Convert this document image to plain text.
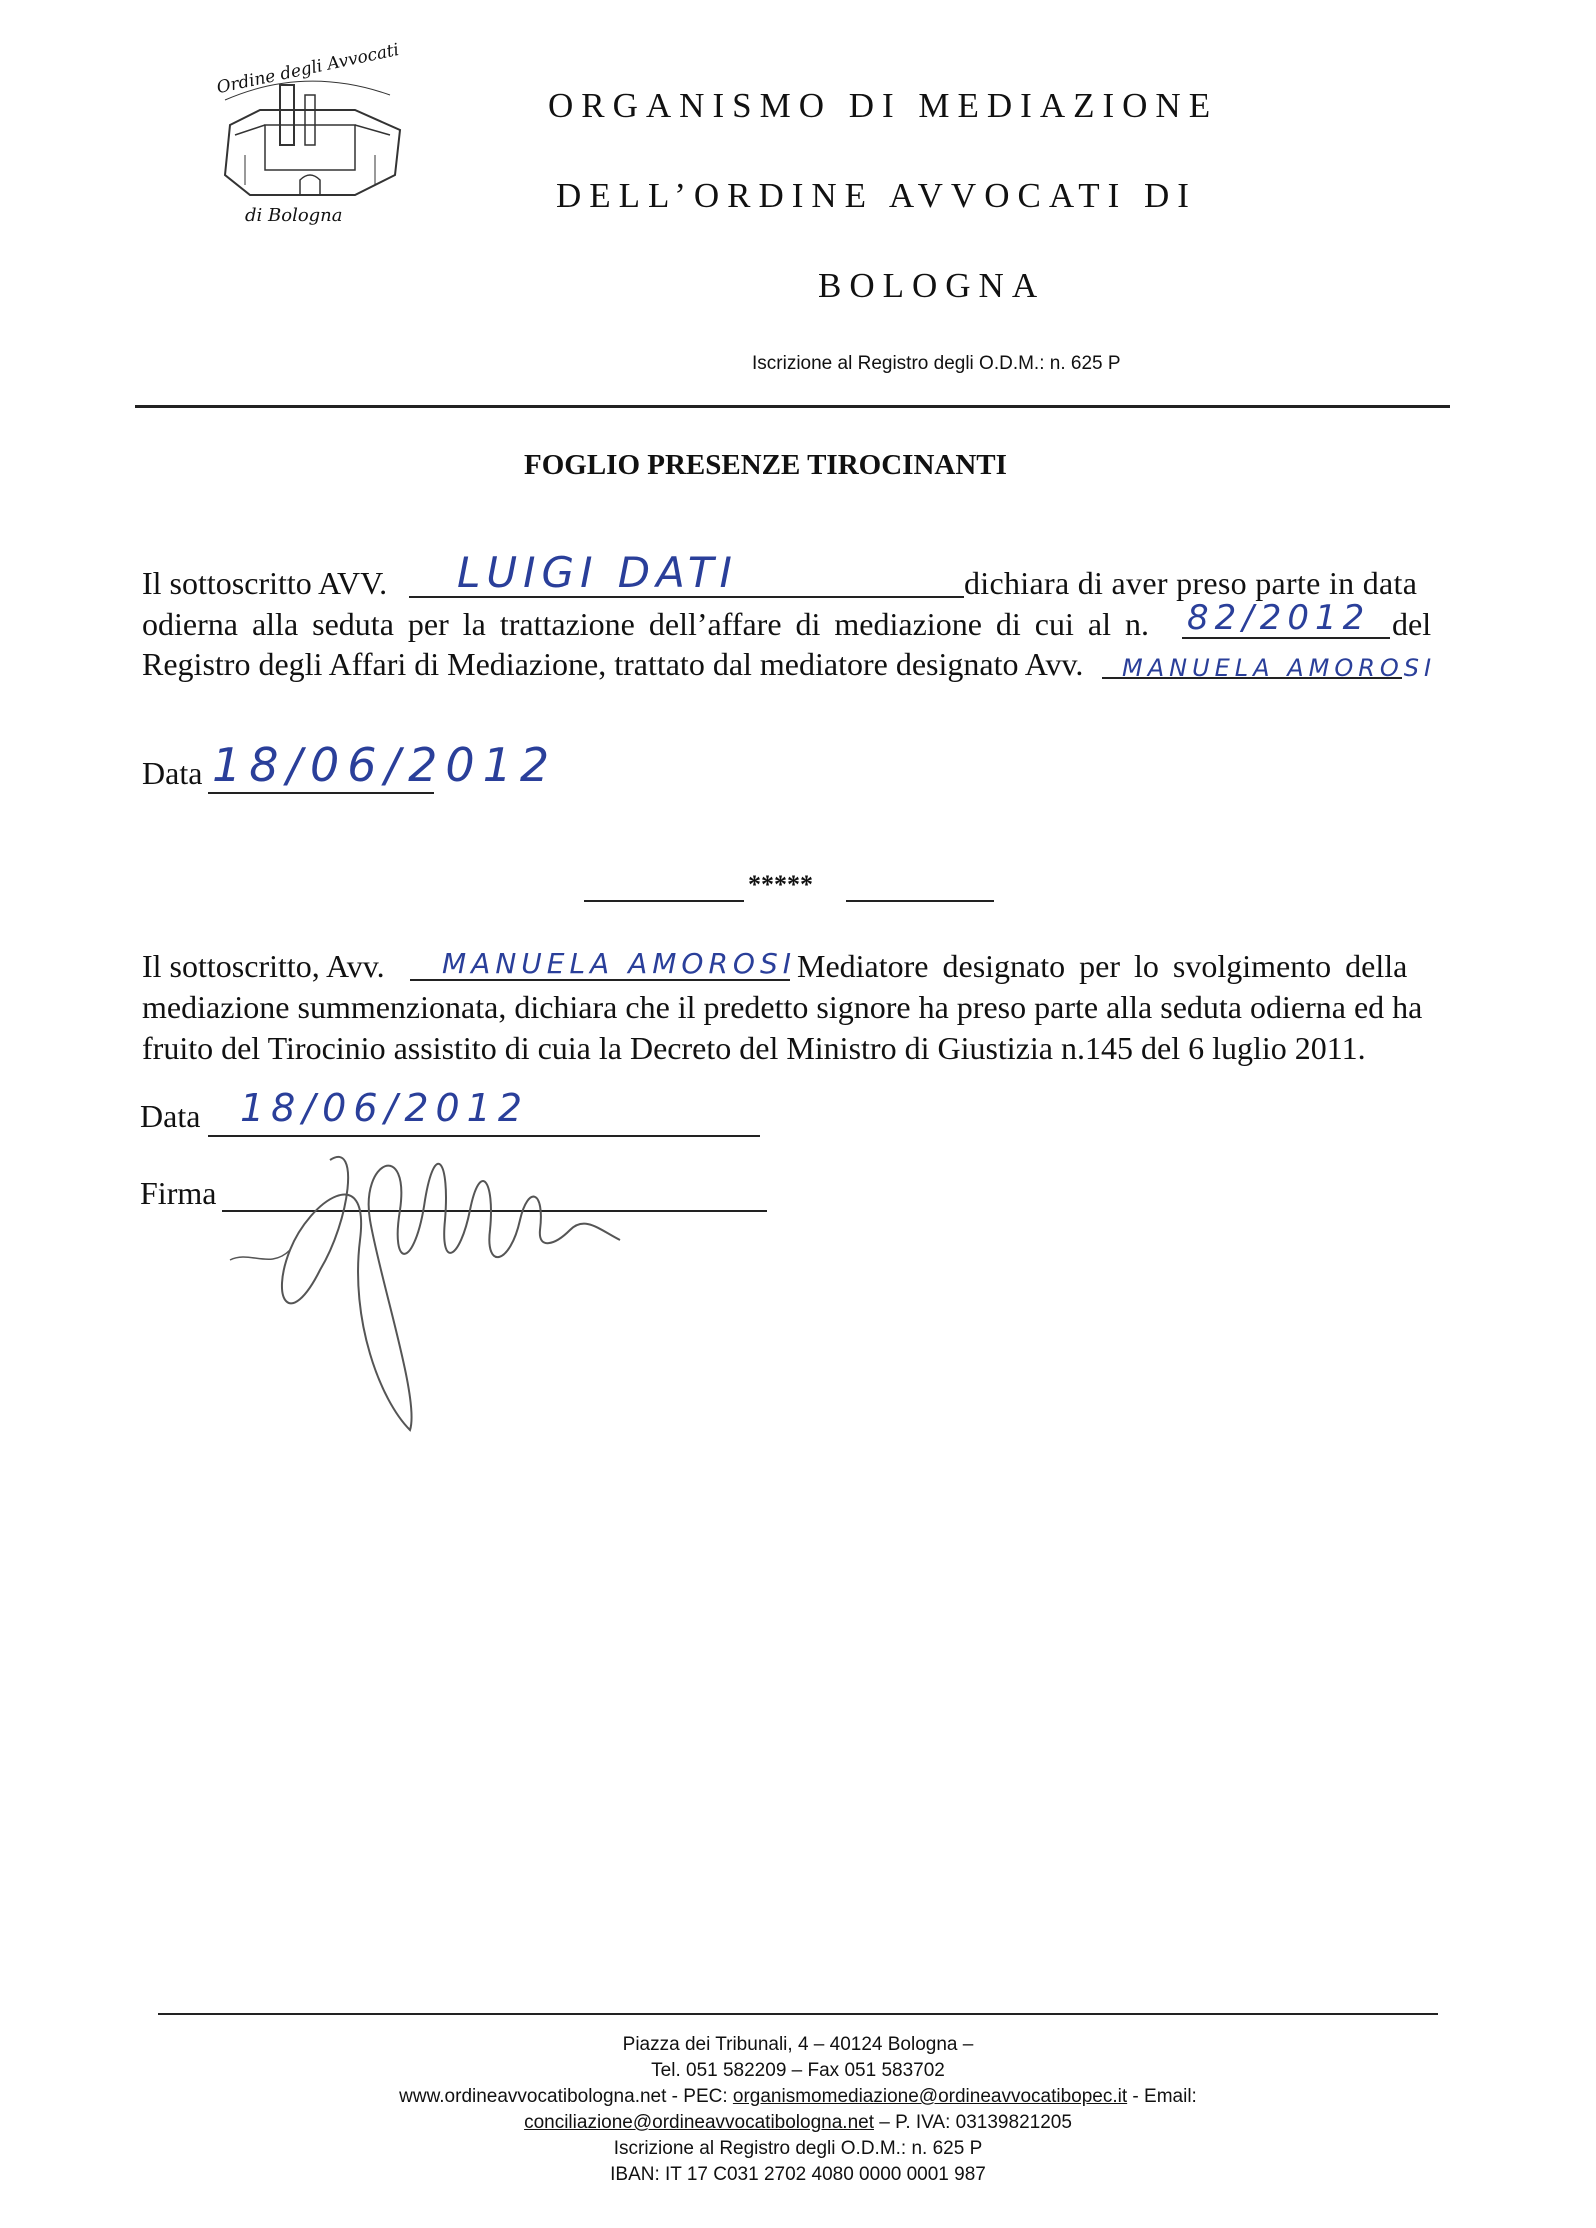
Ordine degli Avvocati
di Bologna
ORGANISMO DI MEDIAZIONE
DELL’ORDINE AVVOCATI DI
BOLOGNA
Iscrizione al Registro degli O.D.M.: n. 625 P
FOGLIO PRESENZE TIROCINANTI
Il sottoscritto AVV. LUIGI DATI	dichiara di aver preso parte in data
odierna alla seduta per la trattazione dell’affare di mediazione di cui al n. 82/2012 del
Registro degli Affari di Mediazione, trattato dal mediatore designato Avv. MANUELA AMOROSI
Data 18/06/2012
*****
Il sottoscritto, Avv. MANUELA AMOROSI Mediatore designato per lo svolgimento della
mediazione summenzionata, dichiara che il predetto signore ha preso parte alla seduta odierna ed ha
fruito del Tirocinio assistito di cuia la Decreto del Ministro di Giustizia n.145 del 6 luglio 2011.
Data 18/06/2012
Firma
Piazza dei Tribunali, 4 – 40124 Bologna –
Tel. 051 582209 – Fax 051 583702
www.ordineavvocatibologna.net - PEC: organismomediazione@ordineavvocatibopec.it - Email:
conciliazione@ordineavvocatibologna.net – P. IVA: 03139821205
Iscrizione al Registro degli O.D.M.: n. 625 P
IBAN: IT 17 C031 2702 4080 0000 0001 987
